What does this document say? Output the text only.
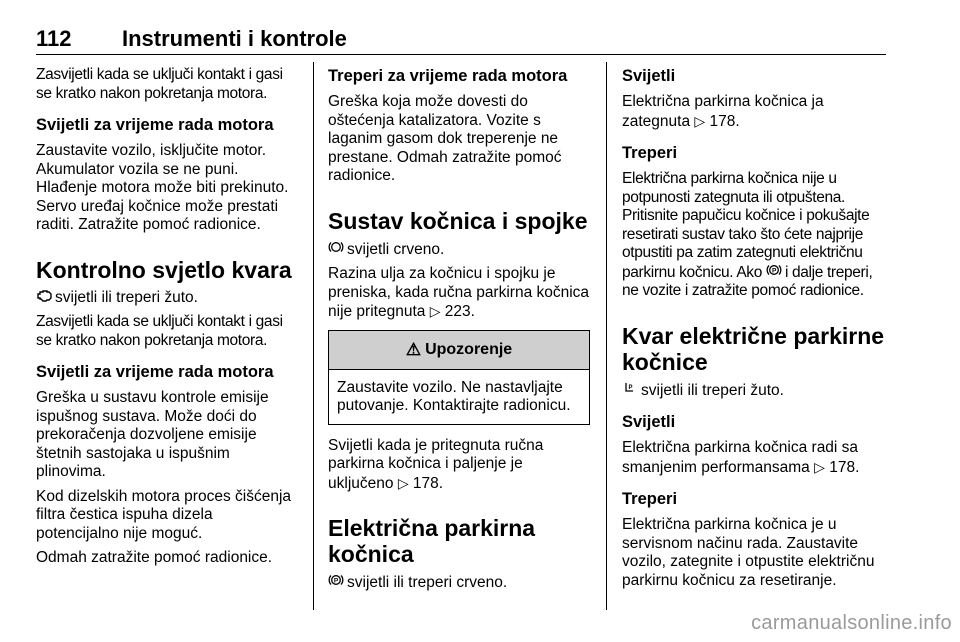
112 Instrumenti i kontrole

Zasvijetli kada se uključi kontakt i gasi se kratko nakon pokretanja motora.

Svijetli za vrijeme rada motora

Zaustavite vozilo, isključite motor. Akumulator vozila se ne puni. Hlađenje motora može biti prekinuto. Servo uređaj kočnice može prestati raditi. Zatražite pomoć radionice.

Kontrolno svjetlo kvara

svijetli ili treperi žuto.

Zasvijetli kada se uključi kontakt i gasi se kratko nakon pokretanja motora.

Svijetli za vrijeme rada motora

Greška u sustavu kontrole emisije ispušnog sustava. Može doći do prekoračenja dozvoljene emisije štetnih sastojaka u ispušnim plinovima.

Kod dizelskih motora proces čišćenja filtra čestica ispuha dizela potencijalno nije moguć.

Odmah zatražite pomoć radionice.

Treperi za vrijeme rada motora

Greška koja može dovesti do oštećenja katalizatora. Vozite s laganim gasom dok treperenje ne prestane. Odmah zatražite pomoć radionice.

Sustav kočnica i spojke

svijetli crveno.

Razina ulja za kočnicu i spojku je preniska, kada ručna parkirna kočnica nije pritegnuta ▷ 223.

⚠ Upozorenje
Zaustavite vozilo. Ne nastavljajte putovanje. Kontaktirajte radionicu.

Svijetli kada je pritegnuta ručna parkirna kočnica i paljenje je uključeno ▷ 178.

Električna parkirna kočnica

P svijetli ili treperi crveno.

Svijetli

Električna parkirna kočnica ja zategnuta ▷ 178.

Treperi

Električna parkirna kočnica nije u potpunosti zategnuta ili otpuštena. Pritisnite papučicu kočnice i pokušajte resetirati sustav tako što ćete najprije otpustiti pa zatim zategnuti električnu parkirnu kočnicu. Ako P i dalje treperi, ne vozite i zatražite pomoć radionice.

Kvar električne parkirne kočnice

P svijetli ili treperi žuto.

Svijetli

Električna parkirna kočnica radi sa smanjenim performansama ▷ 178.

Treperi

Električna parkirna kočnica je u servisnom načinu rada. Zaustavite vozilo, zategnite i otpustite električnu parkirnu kočnicu za resetiranje.

carmanualsonline.info
